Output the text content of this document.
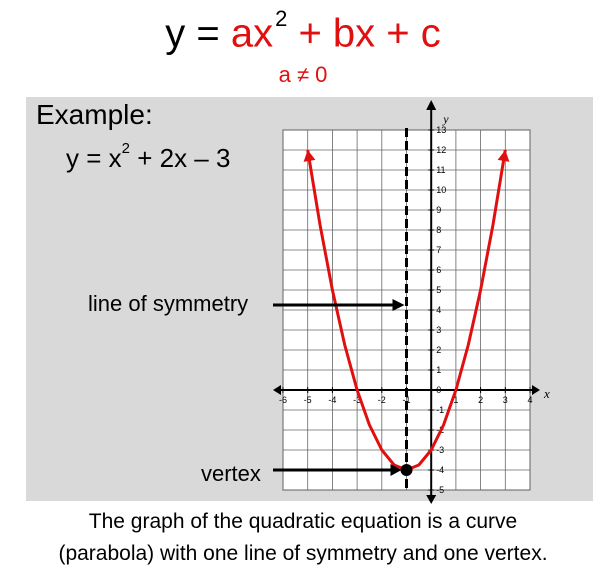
$y = ax^2$ + bx + c
a ≠ 0
Example:
$y = x^2 + 2x - 3$
line of symmetry
vertex
-6 -5 -4 -3 -2 -1	1 2 3 4
-5
-4
-3
-2
-1
0
1
2
3
4
5
6
7
8
9
10
11
12
13
x
y
The graph of the quadratic equation is a curve
(parabola) with one line of symmetry and one vertex.
